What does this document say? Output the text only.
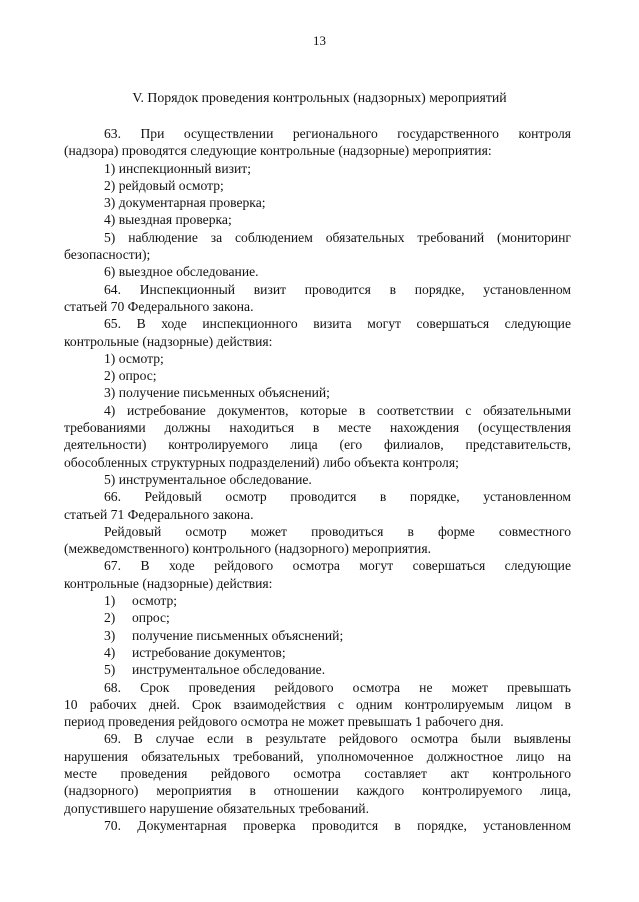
13
V. Порядок проведения контрольных (надзорных) мероприятий
63. При осуществлении регионального государственного контроля
(надзора) проводятся следующие контрольные (надзорные) мероприятия:
1) инспекционный визит;
2) рейдовый осмотр;
3) документарная проверка;
4) выездная проверка;
5) наблюдение за соблюдением обязательных требований (мониторинг
безопасности);
6) выездное обследование.
64. Инспекционный визит проводится в порядке, установленном
статьей 70 Федерального закона.
65. В ходе инспекционного визита могут совершаться следующие
контрольные (надзорные) действия:
1) осмотр;
2) опрос;
3) получение письменных объяснений;
4) истребование документов, которые в соответствии с обязательными
требованиями должны находиться в месте нахождения (осуществления
деятельности) контролируемого лица (его филиалов, представительств,
обособленных структурных подразделений) либо объекта контроля;
5) инструментальное обследование.
66. Рейдовый осмотр проводится в порядке, установленном
статьей 71 Федерального закона.
Рейдовый осмотр может проводиться в форме совместного
(межведомственного) контрольного (надзорного) мероприятия.
67. В ходе рейдового осмотра могут совершаться следующие
контрольные (надзорные) действия:
1) осмотр;
2) опрос;
3) получение письменных объяснений;
4) истребование документов;
5) инструментальное обследование.
68. Срок проведения рейдового осмотра не может превышать
10 рабочих дней. Срок взаимодействия с одним контролируемым лицом в
период проведения рейдового осмотра не может превышать 1 рабочего дня.
69. В случае если в результате рейдового осмотра были выявлены
нарушения обязательных требований, уполномоченное должностное лицо на
месте проведения рейдового осмотра составляет акт контрольного
(надзорного) мероприятия в отношении каждого контролируемого лица,
допустившего нарушение обязательных требований.
70. Документарная проверка проводится в порядке, установленном
